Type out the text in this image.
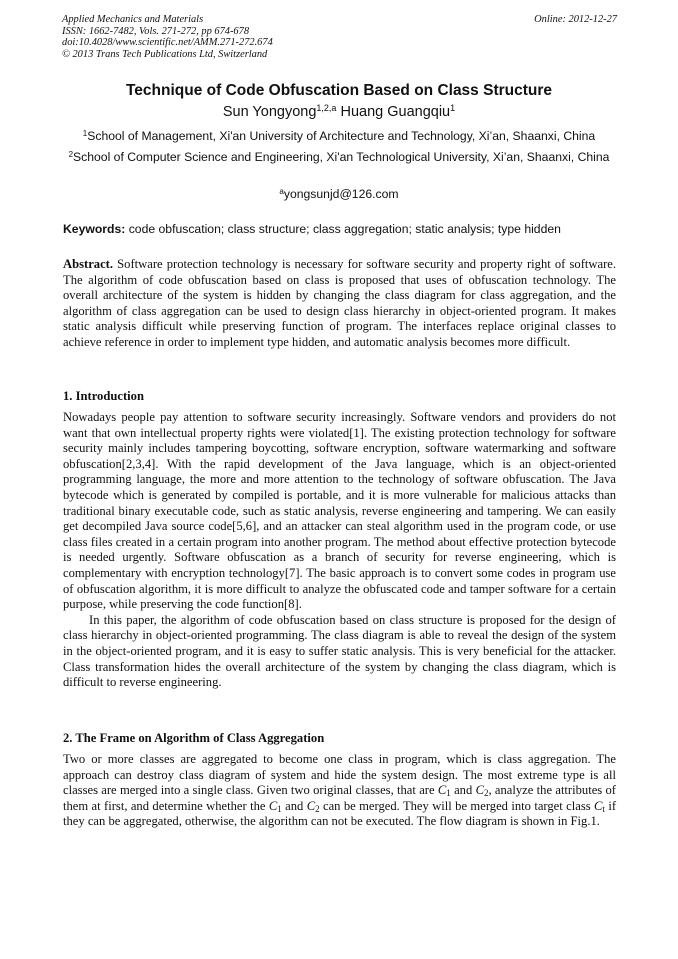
Applied Mechanics and Materials
ISSN: 1662-7482, Vols. 271-272, pp 674-678
doi:10.4028/www.scientific.net/AMM.271-272.674
© 2013 Trans Tech Publications Ltd, Switzerland
Online: 2012-12-27
Technique of Code Obfuscation Based on Class Structure
Sun Yongyong$^{1,2,a}$ Huang Guangqiu$^1$
$^1$School of Management, Xi'an University of Architecture and Technology, Xi’an, Shaanxi, China
$^2$School of Computer Science and Engineering, Xi'an Technological University, Xi’an, Shaanxi, China
$^a$yongsunjd@126.com
Keywords: code obfuscation; class structure; class aggregation; static analysis; type hidden
Abstract. Software protection technology is necessary for software security and property right of software. The algorithm of code obfuscation based on class is proposed that uses of obfuscation technology. The overall architecture of the system is hidden by changing the class diagram for class aggregation, and the algorithm of class aggregation can be used to design class hierarchy in object-oriented program. It makes static analysis difficult while preserving function of program. The interfaces replace original classes to achieve reference in order to implement type hidden, and automatic analysis becomes more difficult.
1. Introduction

Nowadays people pay attention to software security increasingly. Software vendors and providers do not want that own intellectual property rights were violated[1]. The existing protection technology for software security mainly includes tampering boycotting, software encryption, software watermarking and software obfuscation[2,3,4]. With the rapid development of the Java language, which is an object-oriented programming language, the more and more attention to the technology of software obfuscation. The Java bytecode which is generated by compiled is portable, and it is more vulnerable for malicious attacks than traditional binary executable code, such as static analysis, reverse engineering and tampering. We can easily get decompiled Java source code[5,6], and an attacker can steal algorithm used in the program code, or use class files created in a certain program into another program. The method about effective protection bytecode is needed urgently. Software obfuscation as a branch of security for reverse engineering, which is complementary with encryption technology[7]. The basic approach is to convert some codes in program use of obfuscation algorithm, it is more difficult to analyze the obfuscated code and tamper software for a certain purpose, while preserving the code function[8].

In this paper, the algorithm of code obfuscation based on class structure is proposed for the design of class hierarchy in object-oriented programming. The class diagram is able to reveal the design of the system in the object-oriented program, and it is easy to suffer static analysis. This is very beneficial for the attacker. Class transformation hides the overall architecture of the system by changing the class diagram, which is difficult to reverse engineering.

2. The Frame on Algorithm of Class Aggregation

Two or more classes are aggregated to become one class in program, which is class aggregation. The approach can destroy class diagram of system and hide the system design. The most extreme type is all classes are merged into a single class. Given two original classes, that are $C_1$ and $C_2$, analyze the attributes of them at first, and determine whether the $C_1$ and $C_2$ can be merged. They will be merged into target class $C_t$ if they can be aggregated, otherwise, the algorithm can not be executed. The flow diagram is shown in Fig.1.
